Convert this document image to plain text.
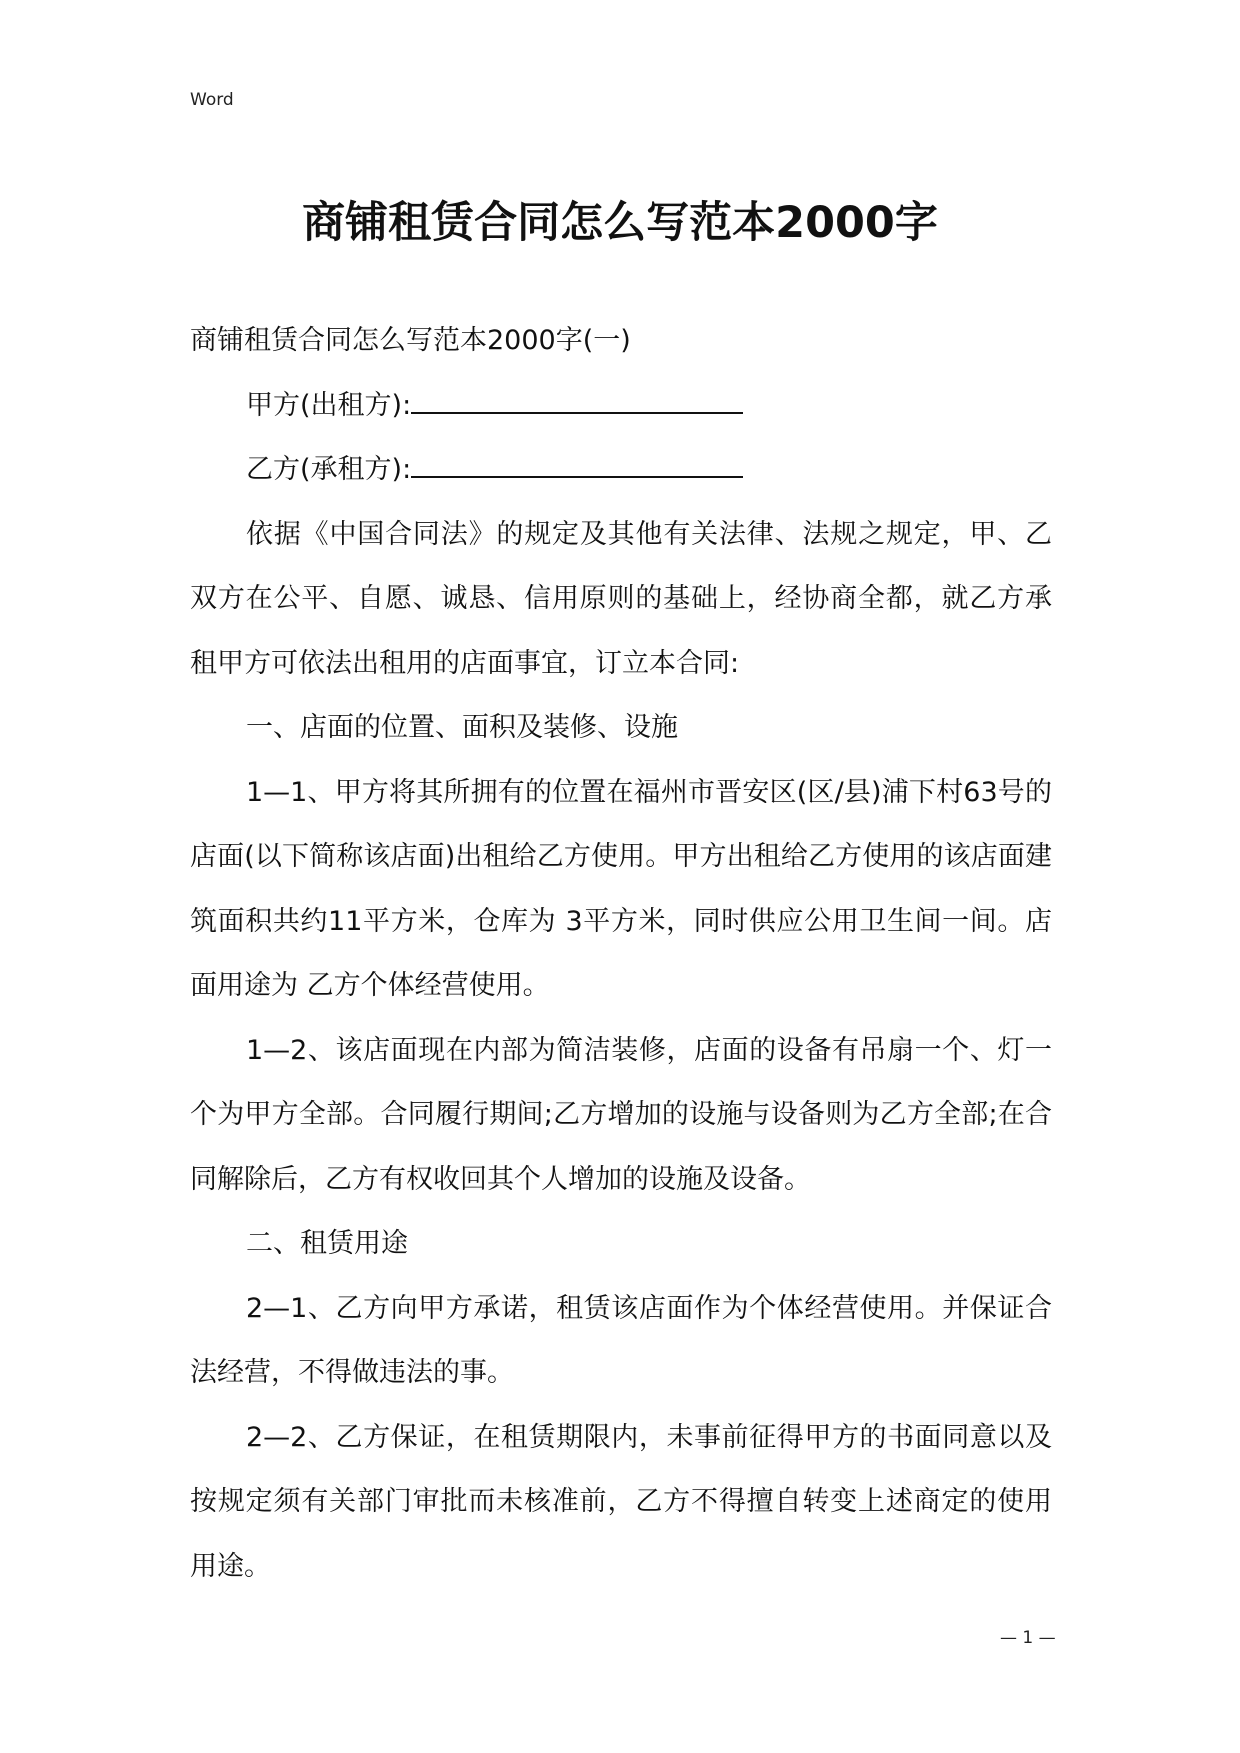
Word
商铺租赁合同怎么写范本2000字

商铺租赁合同怎么写范本2000字(一)

甲方(出租方):

乙方(承租方):

依据《中国合同法》的规定及其他有关法律、法规之规定，甲、乙双方在公平、自愿、诚恳、信用原则的基础上，经协商全都，就乙方承租甲方可依法出租用的店面事宜，订立本合同:

一、店面的位置、面积及装修、设施

1—1、甲方将其所拥有的位置在福州市晋安区(区/县)浦下村63号的店面(以下简称该店面)出租给乙方使用。甲方出租给乙方使用的该店面建筑面积共约11平方米，仓库为 3平方米，同时供应公用卫生间一间。店面用途为 乙方个体经营使用。

1—2、该店面现在内部为简洁装修，店面的设备有吊扇一个、灯一个为甲方全部。合同履行期间;乙方增加的设施与设备则为乙方全部;在合同解除后，乙方有权收回其个人增加的设施及设备。

二、租赁用途

2—1、乙方向甲方承诺，租赁该店面作为个体经营使用。并保证合法经营，不得做违法的事。

2—2、乙方保证，在租赁期限内，未事前征得甲方的书面同意以及按规定须有关部门审批而未核准前，乙方不得擅自转变上述商定的使用用途。

— 1 —
